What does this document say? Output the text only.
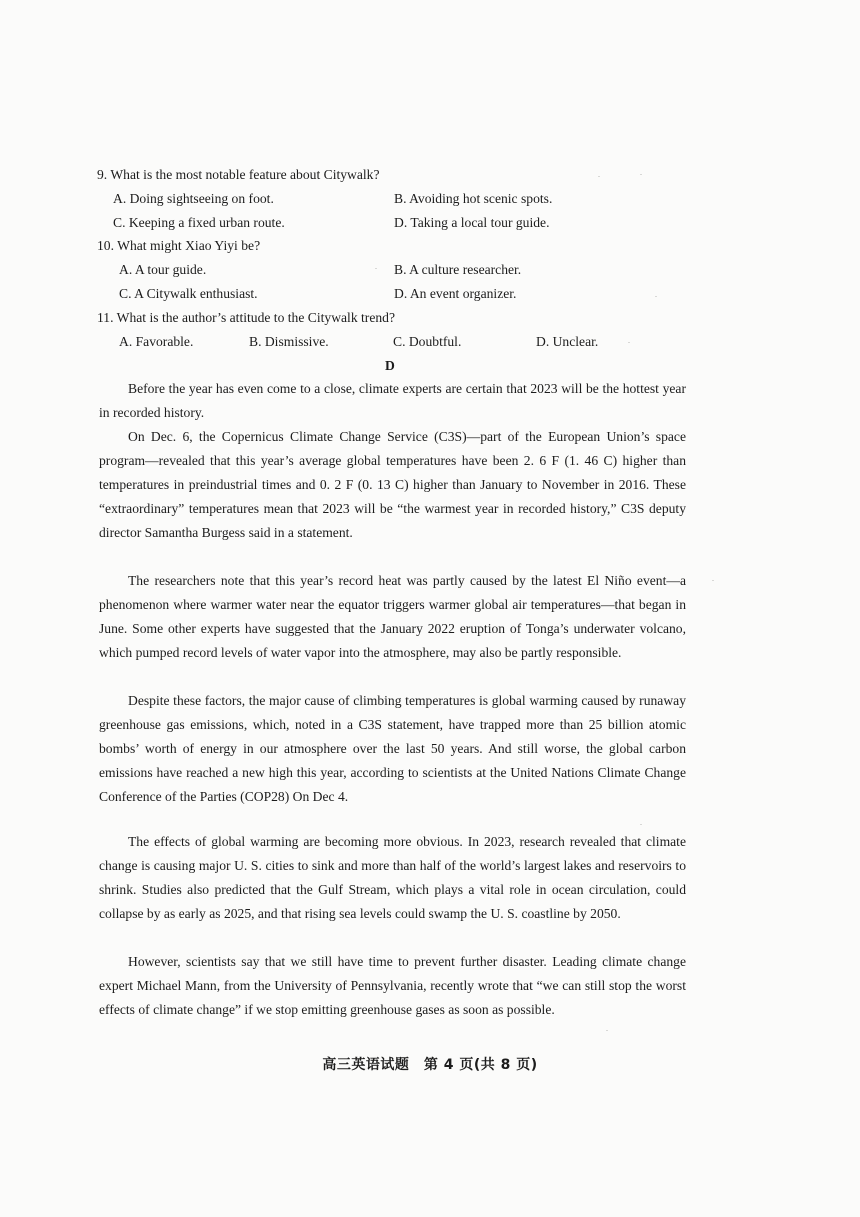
9. What is the most notable feature about Citywalk?
A. Doing sightseeing on foot.	B. Avoiding hot scenic spots.
C. Keeping a fixed urban route.	D. Taking a local tour guide.
10. What might Xiao Yiyi be?
A. A tour guide.	B. A culture researcher.
C. A Citywalk enthusiast.	D. An event organizer.
11. What is the author’s attitude to the Citywalk trend?
A. Favorable.	B. Dismissive.	C. Doubtful.	D. Unclear.
D

Before the year has even come to a close, climate experts are certain that 2023 will be the hottest year in recorded history.

On Dec. 6, the Copernicus Climate Change Service (C3S)—part of the European Union’s space program—revealed that this year’s average global temperatures have been 2. 6 F (1. 46 C) higher than temperatures in preindustrial times and 0. 2 F (0. 13 C) higher than January to November in 2016. These “extraordinary” temperatures mean that 2023 will be “the warmest year in recorded history,” C3S deputy director Samantha Burgess said in a statement.

The researchers note that this year’s record heat was partly caused by the latest El Niño event—a phenomenon where warmer water near the equator triggers warmer global air temperatures—that began in June. Some other experts have suggested that the January 2022 eruption of Tonga’s underwater volcano, which pumped record levels of water vapor into the atmosphere, may also be partly responsible.

Despite these factors, the major cause of climbing temperatures is global warming caused by runaway greenhouse gas emissions, which, noted in a C3S statement, have trapped more than 25 billion atomic bombs’ worth of energy in our atmosphere over the last 50 years. And still worse, the global carbon emissions have reached a new high this year, according to scientists at the United Nations Climate Change Conference of the Parties (COP28) On Dec 4.

The effects of global warming are becoming more obvious. In 2023, research revealed that climate change is causing major U. S. cities to sink and more than half of the world’s largest lakes and reservoirs to shrink. Studies also predicted that the Gulf Stream, which plays a vital role in ocean circulation, could collapse by as early as 2025, and that rising sea levels could swamp the U. S. coastline by 2050.

However, scientists say that we still have time to prevent further disaster. Leading climate change expert Michael Mann, from the University of Pennsylvania, recently wrote that “we can still stop the worst effects of climate change” if we stop emitting greenhouse gases as soon as possible.

高三英语试题　第 4 页(共 8 页)
